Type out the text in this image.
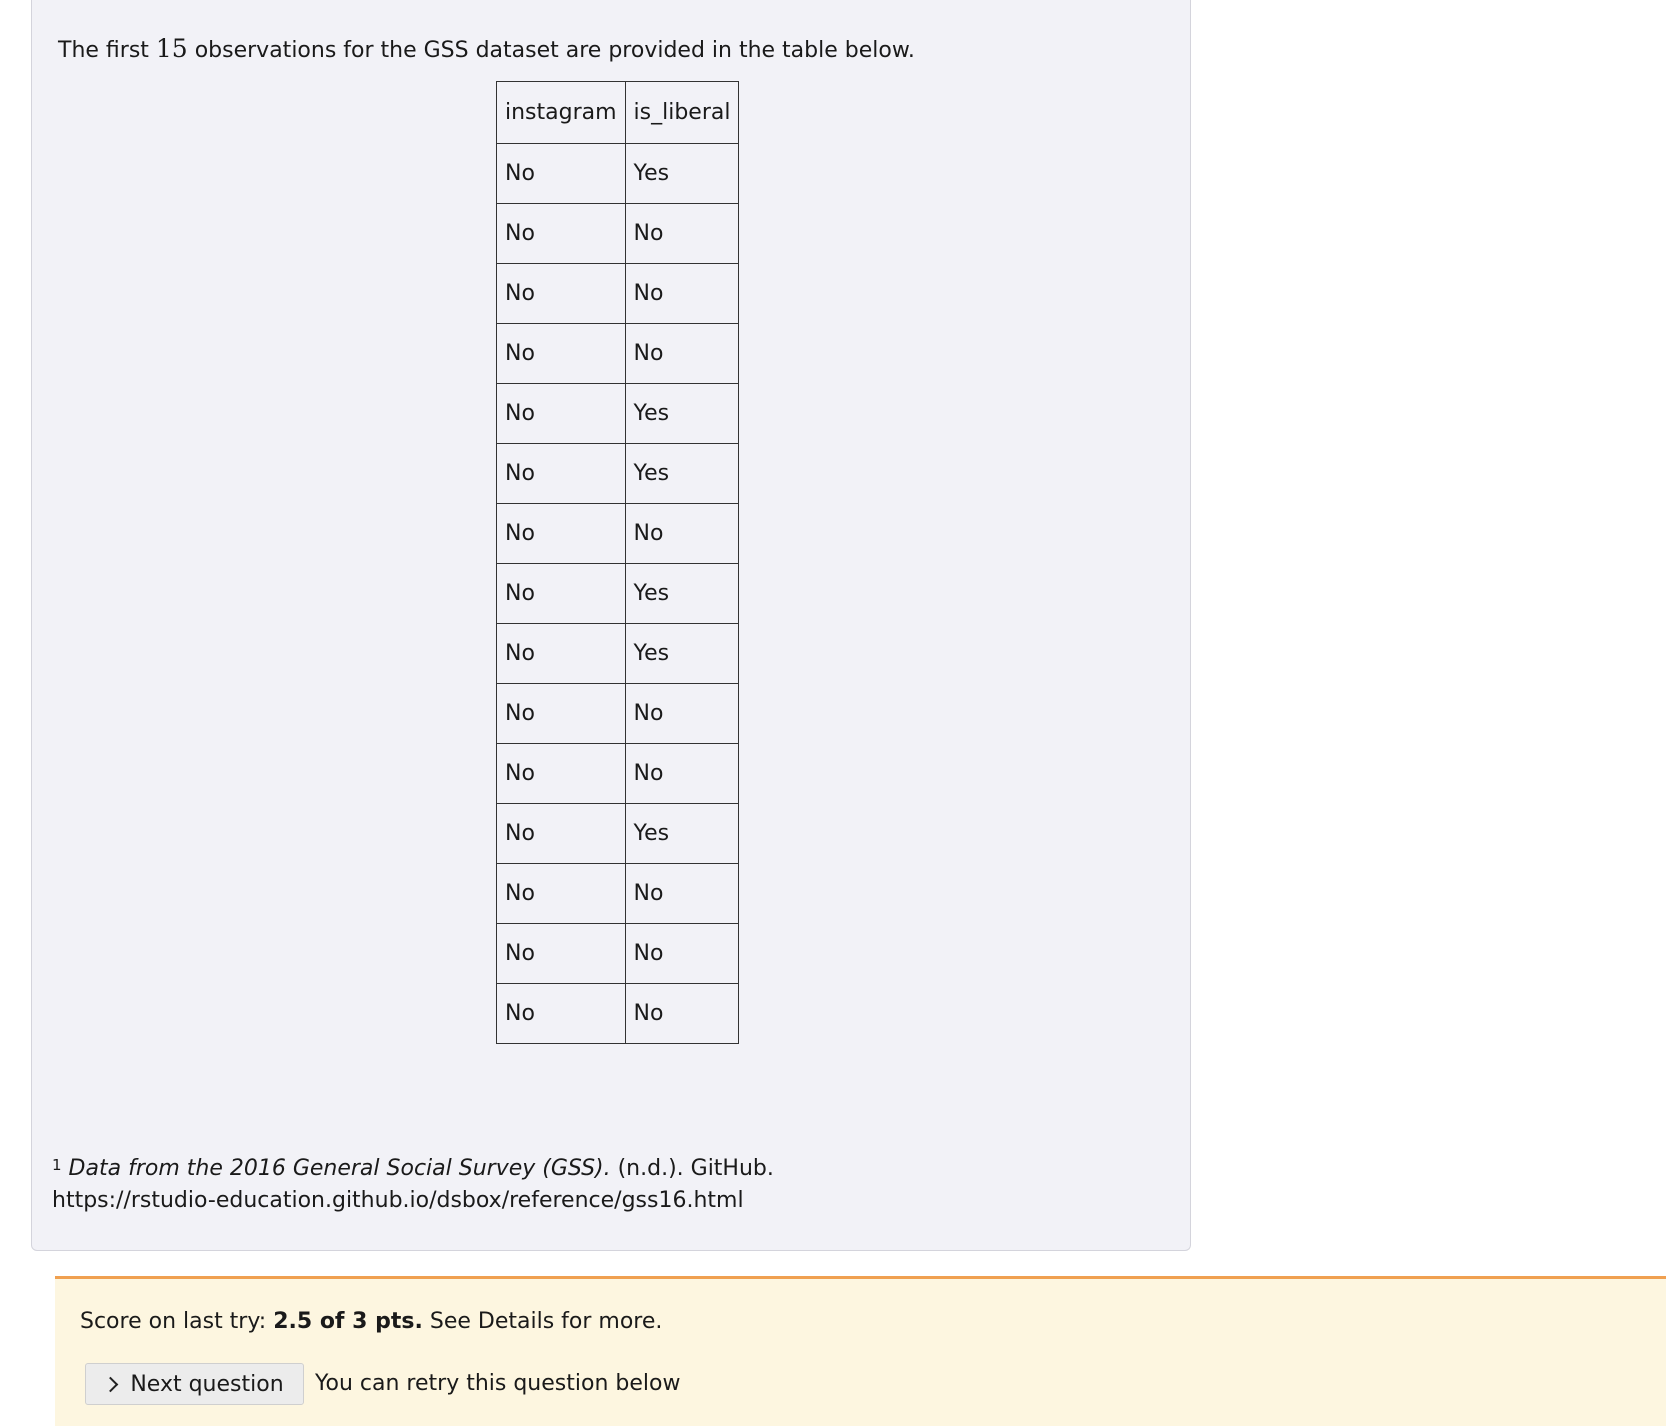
The first 15 observations for the GSS dataset are provided in the table below.
instagram	is_liberal
No	Yes
No	No
No	No
No	No
No	Yes
No	Yes
No	No
No	Yes
No	Yes
No	No
No	No
No	Yes
No	No
No	No
No	No
$^1$ Data from the 2016 General Social Survey (GSS). (n.d.). GitHub. https://rstudio-education.github.io/dsbox/reference/gss16.html
Score on last try: 2.5 of 3 pts. See Details for more.
Next question You can retry this question below
